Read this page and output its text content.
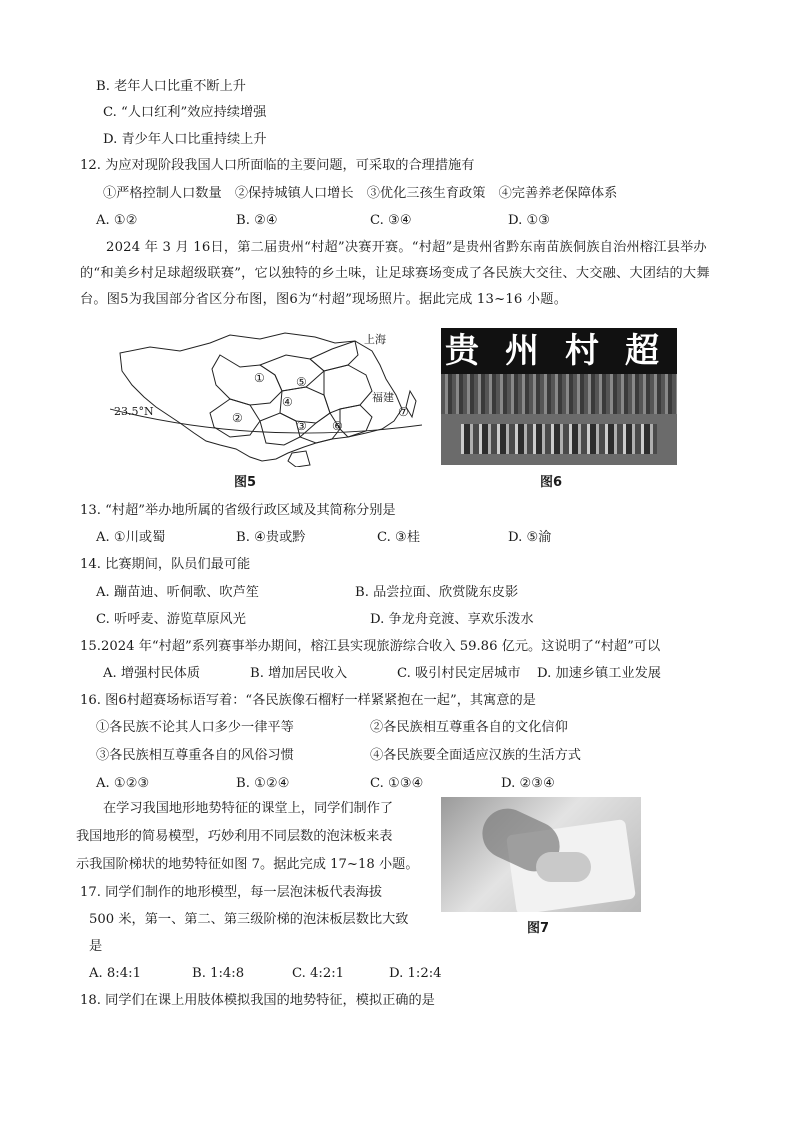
B. 老年人口比重不断上升
C. “人口红利”效应持续增强
D. 青少年人口比重持续上升
12. 为应对现阶段我国人口所面临的主要问题，可采取的合理措施有
①严格控制人口数量　②保持城镇人口增长　③优化三孩生育政策　④完善养老保障体系
A. ①②	B. ②④	C. ③④	D. ①③
2024 年 3 月 16日，第二届贵州“村超”决赛开赛。“村超”是贵州省黔东南苗族侗族自治州榕江县举办的“和美乡村足球超级联赛”，它以独特的乡土味，让足球赛场变成了各民族大交往、大交融、大团结的大舞台。图5为我国部分省区分布图，图6为“村超”现场照片。据此完成 13~16 小题。
上海
福建
23.5°N
①
②
③
④
⑤
⑥
⑦
图5
贵 州 村 超
图6
13. “村超”举办地所属的省级行政区域及其简称分别是
A. ①川或蜀	B. ④贵或黔	C. ③桂	D. ⑤渝
14. 比赛期间，队员们最可能
A. 蹦苗迪、听侗歌、吹芦笙	B. 品尝拉面、欣赏陇东皮影
C. 听呼麦、游览草原风光	D. 争龙舟竞渡、享欢乐泼水
15.2024 年“村超”系列赛事举办期间，榕江县实现旅游综合收入 59.86 亿元。这说明了“村超”可以
A. 增强村民体质	B. 增加居民收入	C. 吸引村民定居城市 D. 加速乡镇工业发展
16. 图6村超赛场标语写着：“各民族像石榴籽一样紧紧抱在一起”，其寓意的是
①各民族不论其人口多少一律平等	②各民族相互尊重各自的文化信仰
③各民族相互尊重各自的风俗习惯	④各民族要全面适应汉族的生活方式
A. ①②③	B. ①②④	C. ①③④	D. ②③④
在学习我国地形地势特征的课堂上，同学们制作了
我国地形的简易模型，巧妙利用不同层数的泡沫板来表
示我国阶梯状的地势特征如图 7。据此完成 17~18 小题。
图7
17. 同学们制作的地形模型，每一层泡沫板代表海拔
500 米，第一、第二、第三级阶梯的泡沫板层数比大致
是
A. 8:4:1	B. 1:4:8	C. 4:2:1	D. 1:2:4
18. 同学们在课上用肢体模拟我国的地势特征，模拟正确的是
